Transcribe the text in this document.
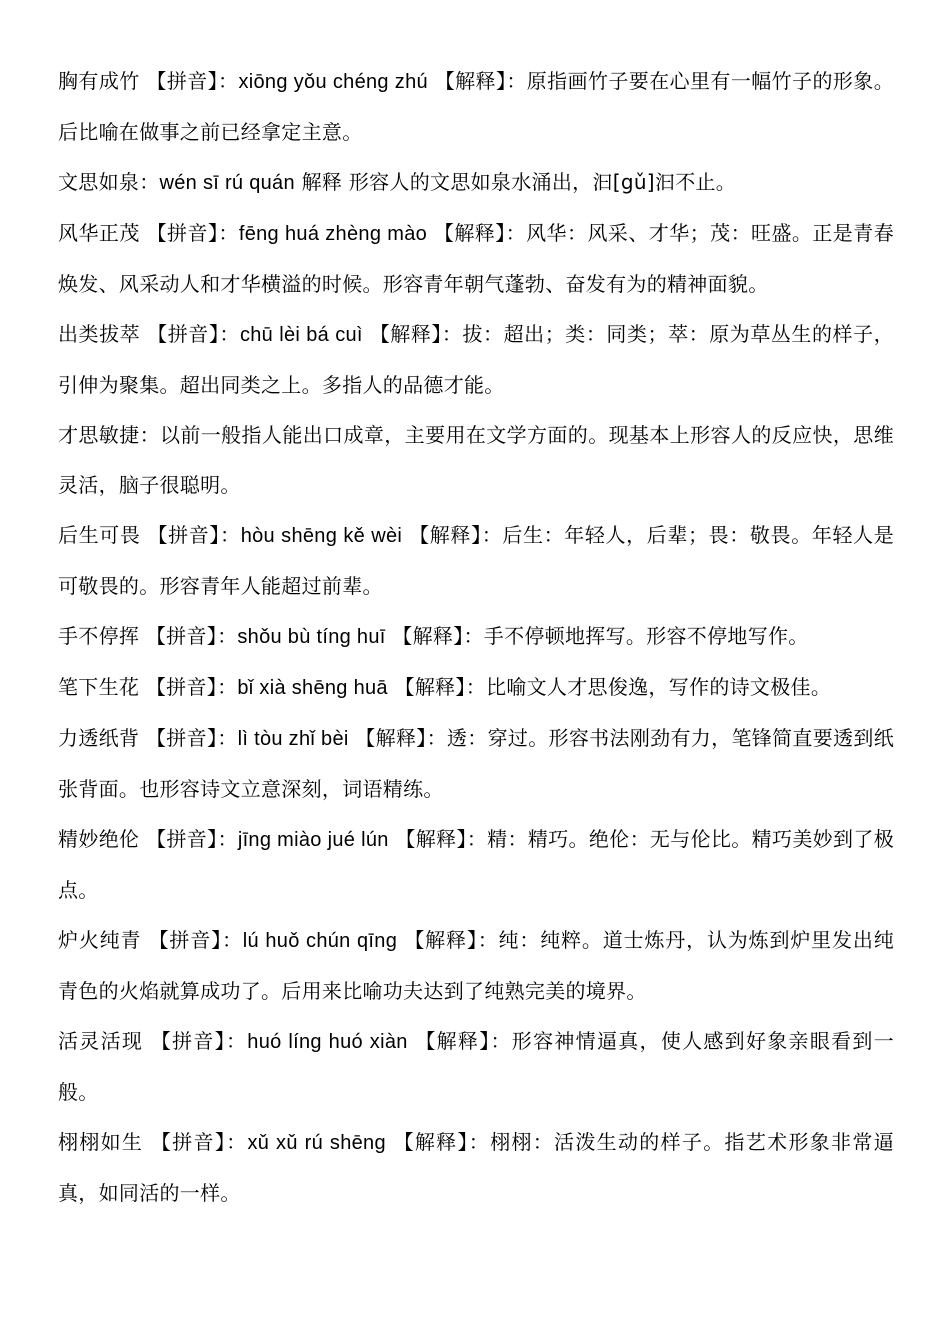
胸有成竹 【拼音】：xiōng yǒu chéng zhú 【解释】：原指画竹子要在心里有一幅竹子的形象。后比喻在做事之前已经拿定主意。

文思如泉：wén sī rú quán 解释 形容人的文思如泉水涌出，汩[gǔ]汩不止。

风华正茂 【拼音】：fēng huá zhèng mào 【解释】：风华：风采、才华；茂：旺盛。正是青春焕发、风采动人和才华横溢的时候。形容青年朝气蓬勃、奋发有为的精神面貌。

出类拔萃 【拼音】：chū lèi bá cuì 【解释】：拔：超出；类：同类；萃：原为草丛生的样子，引伸为聚集。超出同类之上。多指人的品德才能。

才思敏捷：以前一般指人能出口成章，主要用在文学方面的。现基本上形容人的反应快，思维灵活，脑子很聪明。

后生可畏 【拼音】：hòu shēng kě wèi 【解释】：后生：年轻人，后辈；畏：敬畏。年轻人是可敬畏的。形容青年人能超过前辈。

手不停挥 【拼音】：shǒu bù tíng huī 【解释】：手不停顿地挥写。形容不停地写作。

笔下生花 【拼音】：bǐ xià shēng huā 【解释】：比喻文人才思俊逸，写作的诗文极佳。

力透纸背 【拼音】：lì tòu zhǐ bèi 【解释】：透：穿过。形容书法刚劲有力，笔锋简直要透到纸张背面。也形容诗文立意深刻，词语精练。

精妙绝伦 【拼音】：jīng miào jué lún 【解释】：精：精巧。绝伦：无与伦比。精巧美妙到了极点。

炉火纯青 【拼音】：lú huǒ chún qīng 【解释】：纯：纯粹。道士炼丹，认为炼到炉里发出纯青色的火焰就算成功了。后用来比喻功夫达到了纯熟完美的境界。

活灵活现 【拼音】：huó líng huó xiàn 【解释】：形容神情逼真，使人感到好象亲眼看到一般。

栩栩如生 【拼音】：xǔ xǔ rú shēng 【解释】：栩栩：活泼生动的样子。指艺术形象非常逼真，如同活的一样。
